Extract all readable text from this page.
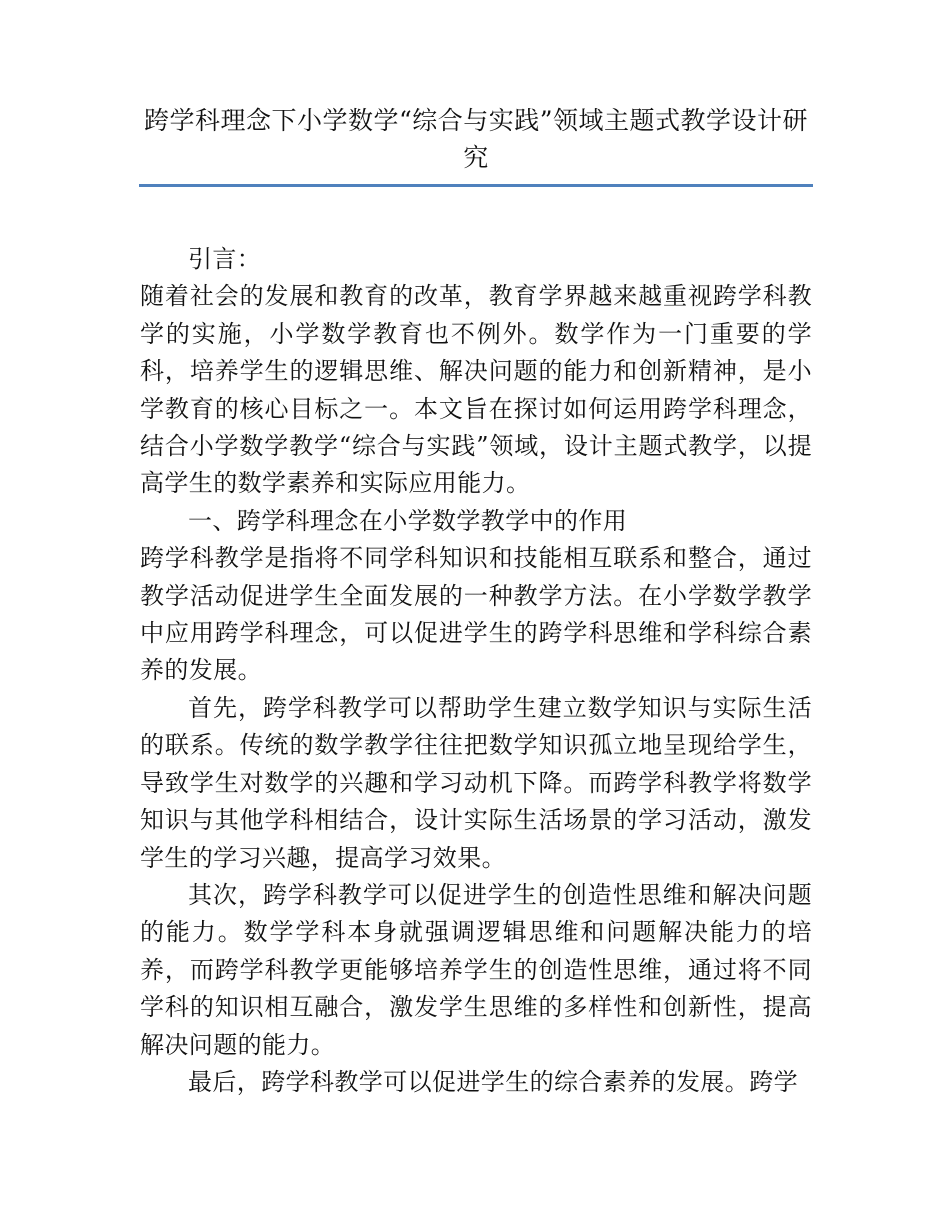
跨学科理念下小学数学“综合与实践”领域主题式教学设计研究

引言：

随着社会的发展和教育的改革，教育学界越来越重视跨学科教学的实施，小学数学教育也不例外。数学作为一门重要的学科，培养学生的逻辑思维、解决问题的能力和创新精神，是小学教育的核心目标之一。本文旨在探讨如何运用跨学科理念，结合小学数学教学“综合与实践”领域，设计主题式教学，以提高学生的数学素养和实际应用能力。

一、跨学科理念在小学数学教学中的作用

跨学科教学是指将不同学科知识和技能相互联系和整合，通过教学活动促进学生全面发展的一种教学方法。在小学数学教学中应用跨学科理念，可以促进学生的跨学科思维和学科综合素养的发展。

首先，跨学科教学可以帮助学生建立数学知识与实际生活的联系。传统的数学教学往往把数学知识孤立地呈现给学生，导致学生对数学的兴趣和学习动机下降。而跨学科教学将数学知识与其他学科相结合，设计实际生活场景的学习活动，激发学生的学习兴趣，提高学习效果。

其次，跨学科教学可以促进学生的创造性思维和解决问题的能力。数学学科本身就强调逻辑思维和问题解决能力的培养，而跨学科教学更能够培养学生的创造性思维，通过将不同学科的知识相互融合，激发学生思维的多样性和创新性，提高解决问题的能力。

最后，跨学科教学可以促进学生的综合素养的发展。跨学
